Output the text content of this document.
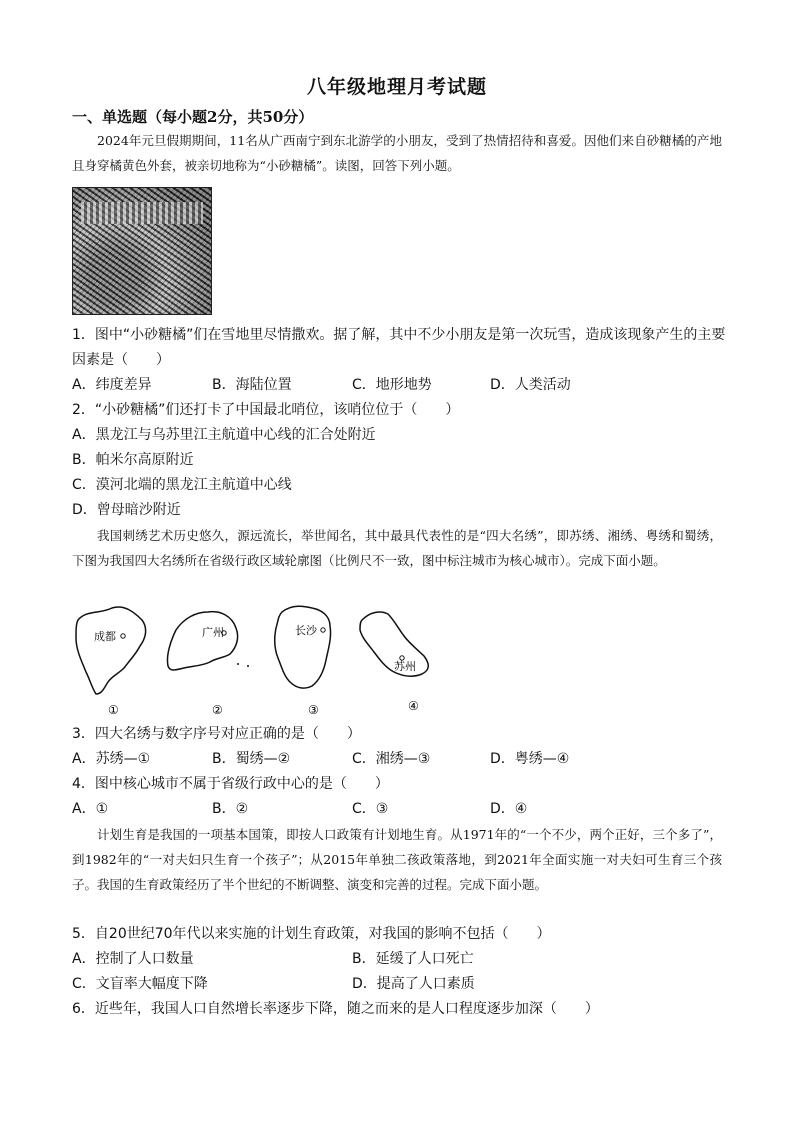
八年级地理月考试题
一、单选题（每小题2分，共50分）
2024年元旦假期期间，11名从广西南宁到东北游学的小朋友，受到了热情招待和喜爱。因他们来自砂糖橘的产地且身穿橘黄色外套，被亲切地称为“小砂糖橘”。读图，回答下列小题。
1．图中“小砂糖橘”们在雪地里尽情撒欢。据了解，其中不少小朋友是第一次玩雪，造成该现象产生的主要因素是（　　）
A．纬度差异	B．海陆位置	C．地形地势	D．人类活动
2．“小砂糖橘”们还打卡了中国最北哨位，该哨位位于（　　）
A．黑龙江与乌苏里江主航道中心线的汇合处附近
B．帕米尔高原附近
C．漠河北端的黑龙江主航道中心线
D．曾母暗沙附近
我国刺绣艺术历史悠久，源远流长，举世闻名，其中最具代表性的是“四大名绣”，即苏绣、湘绣、粤绣和蜀绣，下图为我国四大名绣所在省级行政区域轮廓图（比例尺不一致，图中标注城市为核心城市）。完成下面小题。
成都
①
广州
②
长沙
③
苏州
④
3．四大名绣与数字序号对应正确的是（　　）
A．苏绣—①	B．蜀绣—②	C．湘绣—③	D．粤绣—④
4．图中核心城市不属于省级行政中心的是（　　）
A．①	B．②	C．③	D．④
计划生育是我国的一项基本国策，即按人口政策有计划地生育。从1971年的“一个不少，两个正好，三个多了”，到1982年的“一对夫妇只生育一个孩子”；从2015年单独二孩政策落地，到2021年全面实施一对夫妇可生育三个孩子。我国的生育政策经历了半个世纪的不断调整、演变和完善的过程。完成下面小题。
5．自20世纪70年代以来实施的计划生育政策，对我国的影响不包括（　　）
A．控制了人口数量	B．延缓了人口死亡
C．文盲率大幅度下降	D．提高了人口素质
6．近些年，我国人口自然增长率逐步下降，随之而来的是人口程度逐步加深（　　）
